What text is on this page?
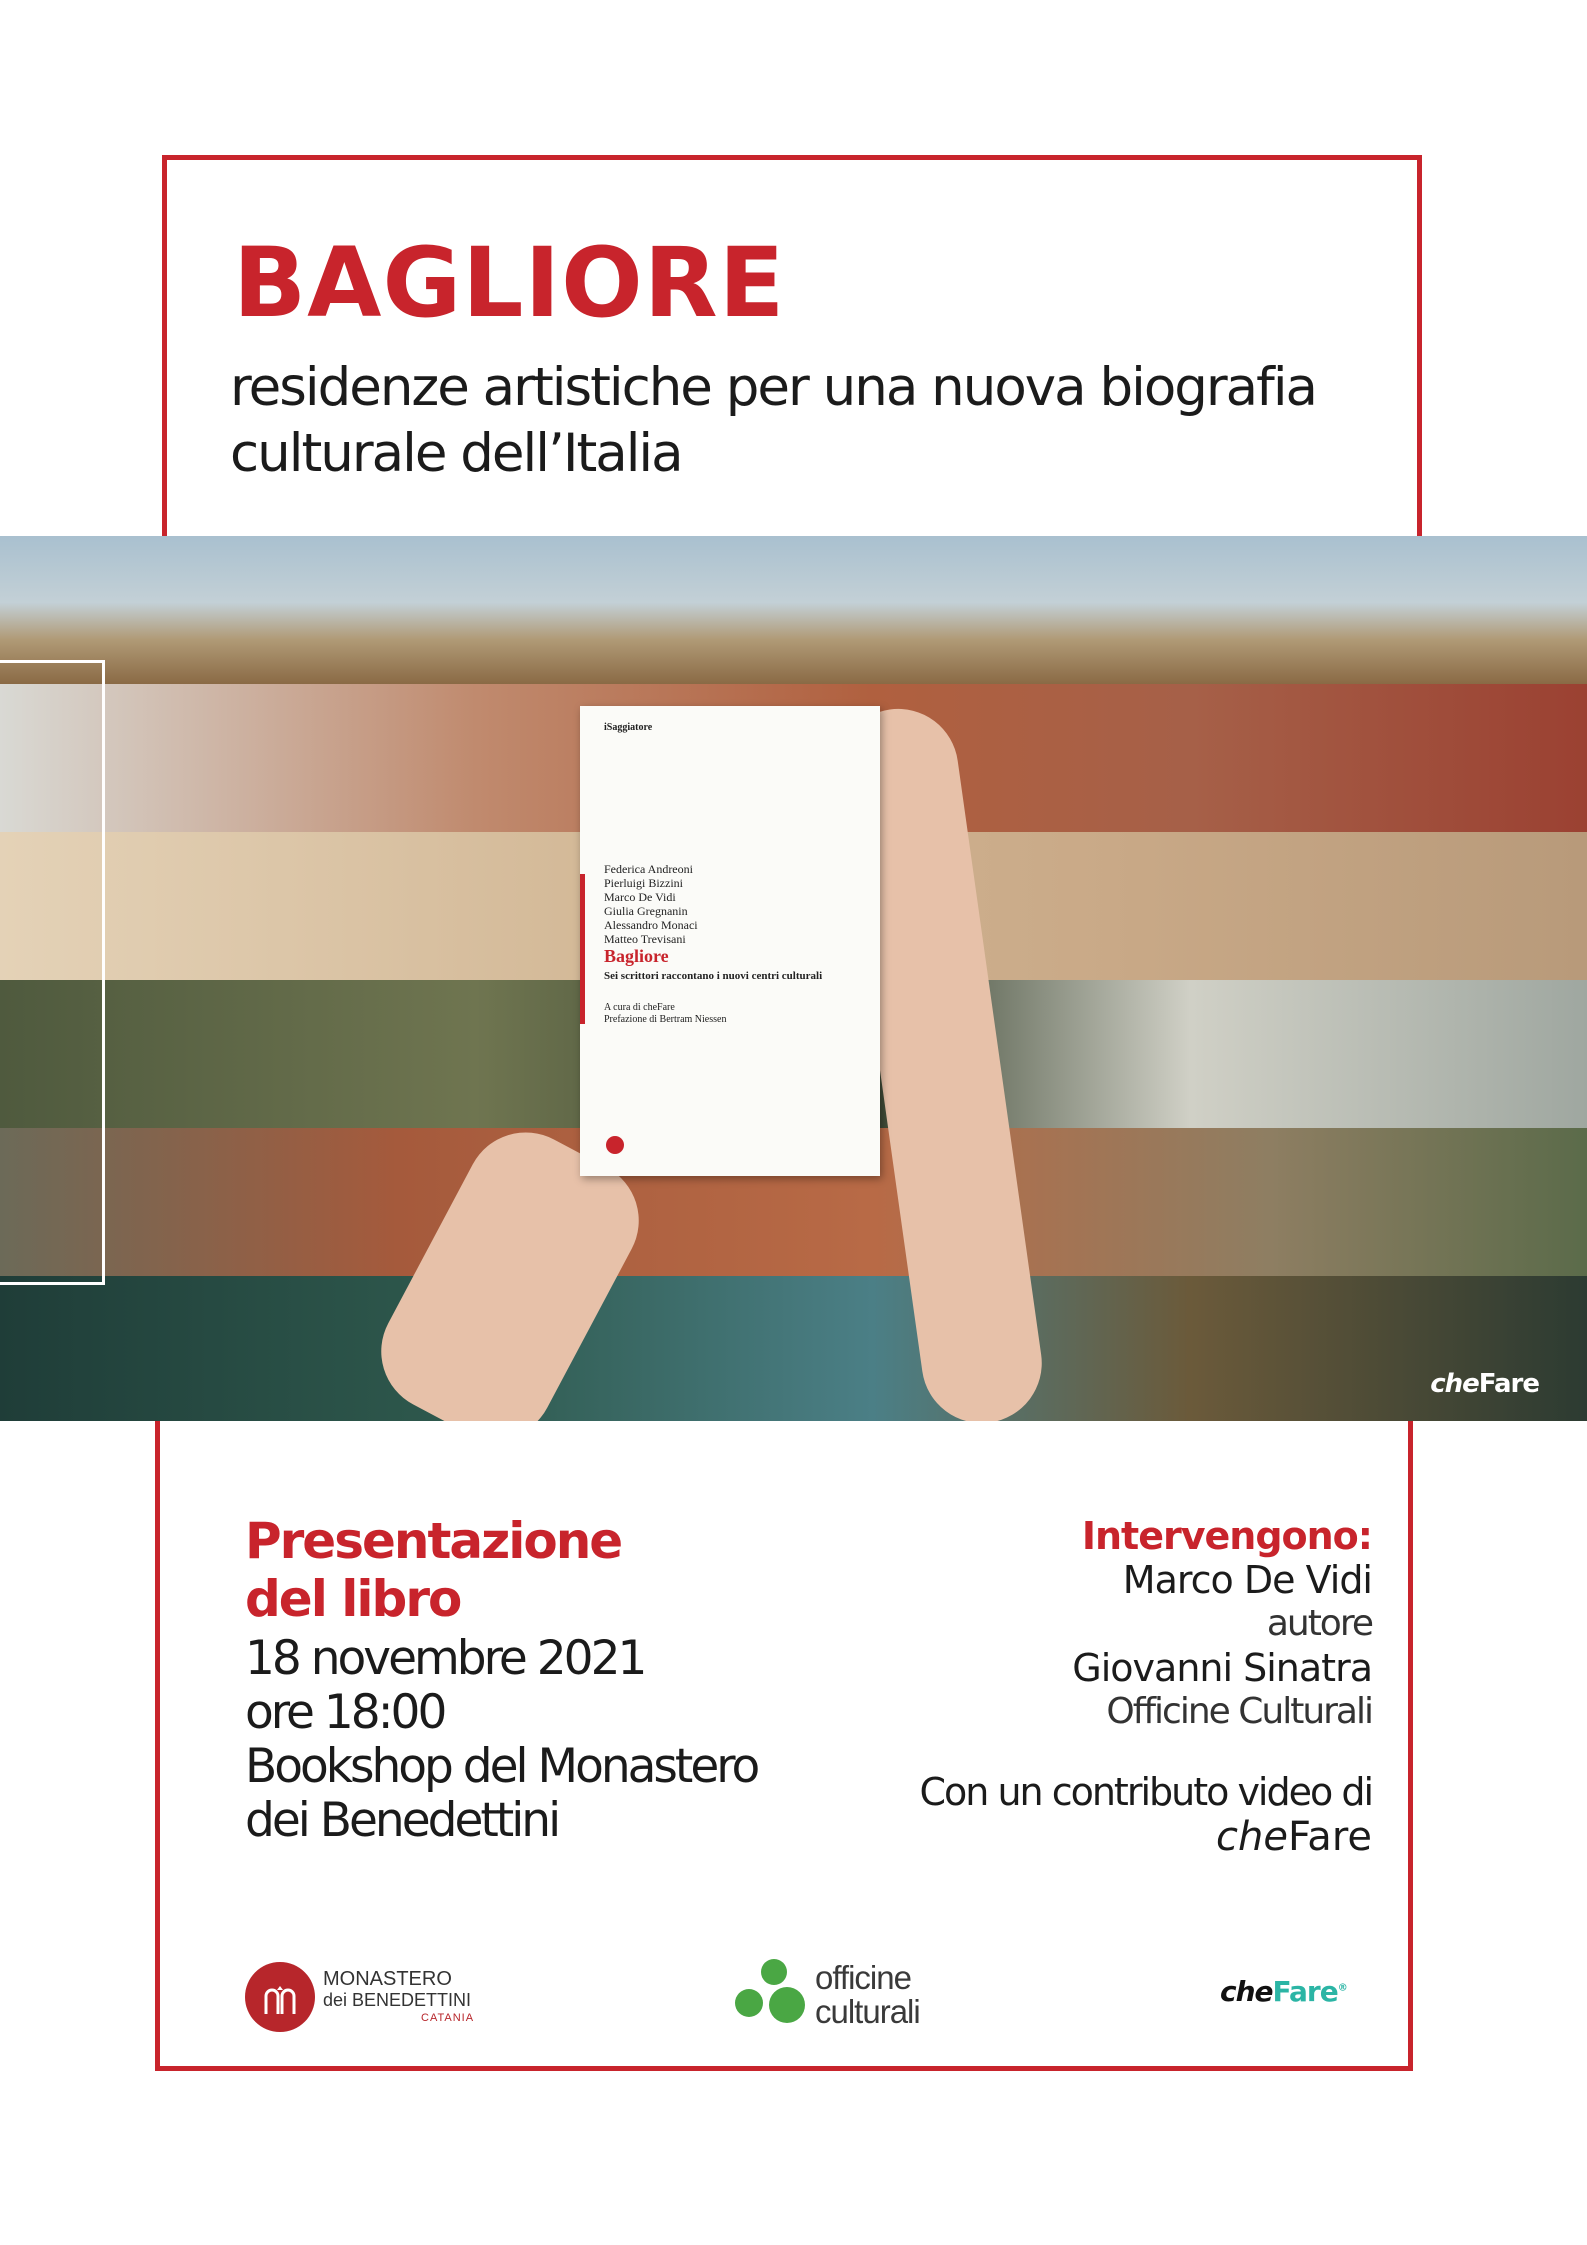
BAGLIORE
residenze artistiche per una nuova biografia
culturale dell’Italia
cheFare
iSaggiatore
Federica Andreoni
Pierluigi Bizzini
Marco De Vidi
Giulia Gregnanin
Alessandro Monaci
Matteo Trevisani
Bagliore
Sei scrittori raccontano i nuovi centri culturali
A cura di cheFare
Prefazione di Bertram Niessen
Presentazione
del libro
18 novembre 2021
ore 18:00
Bookshop del Monastero
dei Benedettini
Intervengono:
Marco De Vidi
autore
Giovanni Sinatra
Officine Culturali
Con un contributo video di
cheFare
MONASTERO
dei BENEDETTINI
CATANIA
officine
culturali
cheFare®
